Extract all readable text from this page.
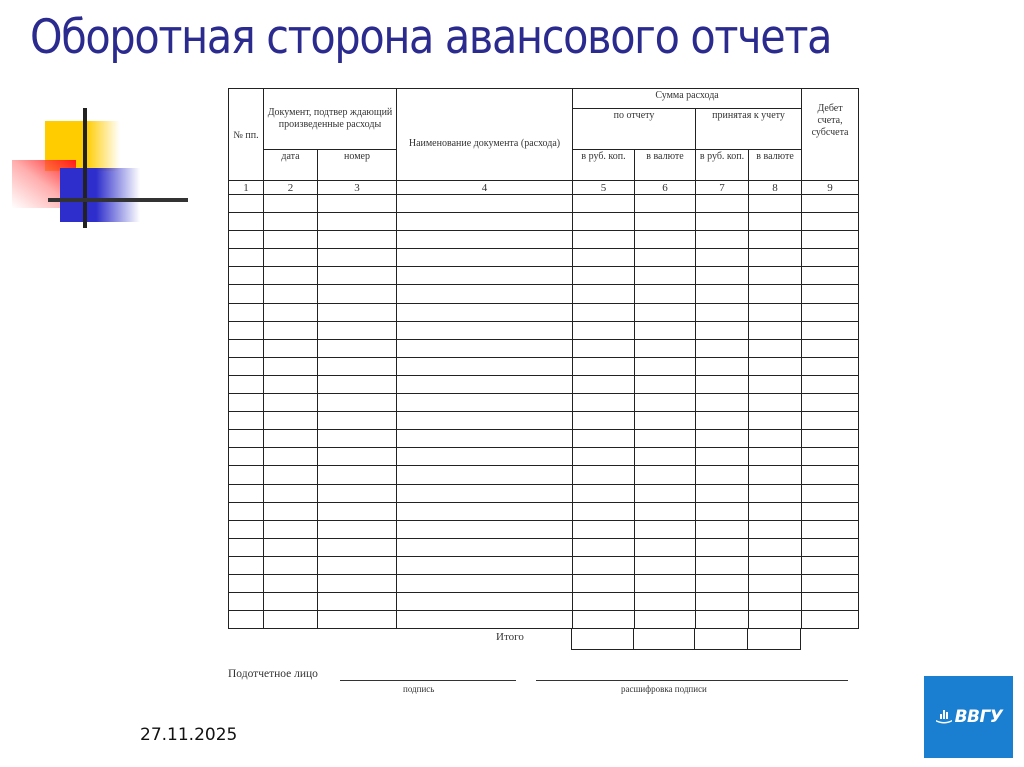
Оборотная сторона авансового отчета
№ пп.	Документ, подтвер ждающий произведенные расходы		Наименование документа (расхода)	Сумма расхода				Дебет счета, субсчета
				по отчету		принятая к учету		
	дата	номер		в руб. коп.	в валюте	в руб. коп.	в валюте	
1	2	3	4	5	6	7	8	9

Итого

Подотчетное лицо
подпись	расшифровка подписи
27.11.2025
ВВГУ
